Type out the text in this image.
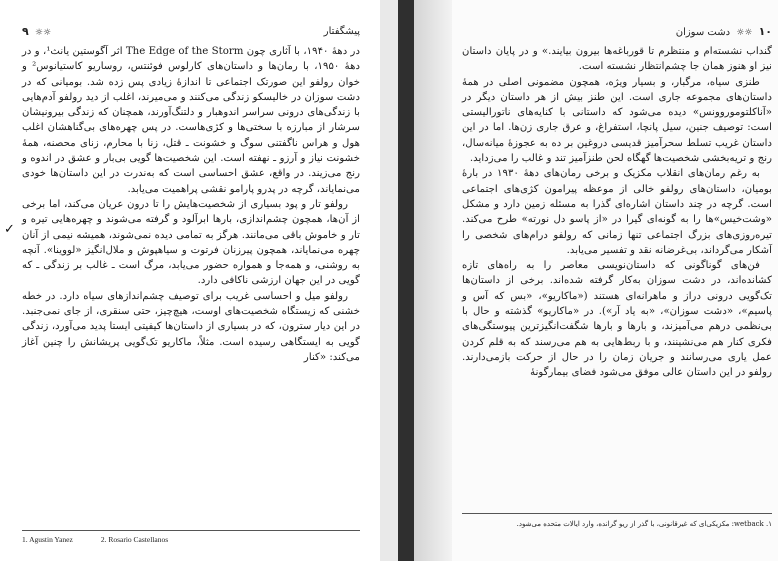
پیشگفتار
☼☼ ۹

در دهۀ ۱۹۴۰، با آثاری چون The Edge of the Storm اثر آگوستین یانث¹، و در دهۀ ۱۹۵۰، با رمان‌ها و داستان‌های کارلوس فوئنتس، روساریو کاستیانوس² و خوان رولفو این صورتک اجتماعی تا اندازۀ زیادی پس زده شد. بومیانی که در دشت سوزان در خالیسکو زندگی می‌کنند و می‌میرند، اغلب از دید رولفو آدم‌هایی با زندگی‌های درونی سراسر اندوهبار و دلتنگ‌آورند، همچنان که زندگی بیرونیشان سرشار از مبارزه با سختی‌ها و کژی‌هاست. در پس چهره‌های بی‌گناهشان اغلب هول و هراس ناگفتنی سوگ و خشونت ـ قتل، زنا با محارم، زنای محصنه، همۀ خشونت نیاز و آرزو ـ نهفته است. این شخصیت‌ها گویی بی‌بار و عشق در اندوه و رنج می‌زیند. در واقع، عشق احساسی است که به‌ندرت در این داستان‌ها خودی می‌نمایاند، گرچه در پدرو پارامو نقشی پراهمیت می‌یابد.

رولفو تار و پود بسیاری از شخصیت‌هایش را تا درون عریان می‌کند، اما برخی از آن‌ها، همچون چشم‌اندازی، بارها ابرآلود و گرفته می‌شوند و چهره‌هایی تیره و تار و خاموش باقی می‌مانند. هرگز به تمامی دیده نمی‌شوند، همیشه نیمی از آنان چهره می‌نمایاند، همچون پیرزنان فرتوت و سیاهپوش و ملال‌انگیز «لووینا». آنچه به روشنی، و همه‌جا و همواره حضور می‌یابد، مرگ است ـ غالب بر زندگی ـ که گویی در این جهان ارزشی ناکافی دارد.

رولفو میل و احساسی غریب برای توصیف چشم‌اندازهای سیاه دارد. در خطه خشنی که زیستگاه شخصیت‌های اوست، هیچ‌چیز، حتی سنقری، از جای نمی‌جنبد. در این دیار سترون، که در بسیاری از داستان‌ها کیفیتی ایستا پدید می‌آورد، زندگی گویی به ایستگاهی رسیده است. مثلاً، ماکاریو تک‌گویی پریشانش را چنین آغاز می‌کند: «کنار

1. Agustin Yanez	2. Rosario Castellanos
✓
۱۰ ☼☼ دشت سوزان

گنداب نشسته‌ام و منتظرم تا قورباغه‌ها بیرون بیایند.» و در پایان داستان نیز او هنوز همان جا چشم‌انتظار نشسته است.

طنزی سیاه، مرگبار، و بسیار ویژه، همچون مضمونی اصلی در همۀ داستان‌های مجموعه جاری است. این طنز بیش از هر داستان دیگر در «آناکلتوموروونس» دیده می‌شود که داستانی با کنایه‌های ناتورالیستی است: توصیف جنین، سیل پانچا، استفراغ، و عرق جاری زن‌ها. اما در این داستان غریب تسلط سحرآمیز قدیسی دروغین بر ده به عجوزۀ میانه‌سال، رنج و تریه‌بخشی شخصیت‌ها گهگاه لحن طنزآمیز تند و غالب را می‌زداید.

به رغم رمان‌های انقلاب مکزیک و برخی رمان‌های دهۀ ۱۹۳۰ در بارۀ بومیان، داستان‌های رولفو خالی از موعظه پیرامون کژی‌های اجتماعی است. گرچه در چند داستان اشاره‌ای گذرا به مسئله زمین دارد و مشکل «وشت‌خیس»ها را به گونه‌ای گیرا در «از پاسو دل نورته» طرح می‌کند. تیره‌روزی‌های بزرگ اجتماعی تنها زمانی که رولفو درام‌های شخصی را آشکار می‌گرداند، بی‌غرضانه نقد و تفسیر می‌یابد.

فن‌های گوناگونی که داستان‌نویسی معاصر را به راه‌های تازه کشانده‌اند، در دشت سوزان به‌کار گرفته شده‌اند. برخی از داستان‌ها تک‌گویی درونی دراز و ماهرانه‌ای هستند («ماکاریو»، «بس که آس و پاسیم»، «دشت سوزان»، «به یاد آر»). در «ماکاریو» گذشته و حال با بی‌نظمی درهم می‌آمیزند، و بارها و بارها شگفت‌انگیزترین پیوستگی‌های فکری کنار هم می‌نشینند، و با ربط‌هایی به هم می‌رسند که به قلم کردن عمل یاری می‌رسانند و جریان زمان را در حال از حرکت بازمی‌دارند. رولفو در این داستان عالی موفق می‌شود فضای بیمارگونهٔ

۱. wetback: مکزیکی‌ای که غیرقانونی، با گذر از ریو گرانده، وارد ایالات متحده می‌شود.
